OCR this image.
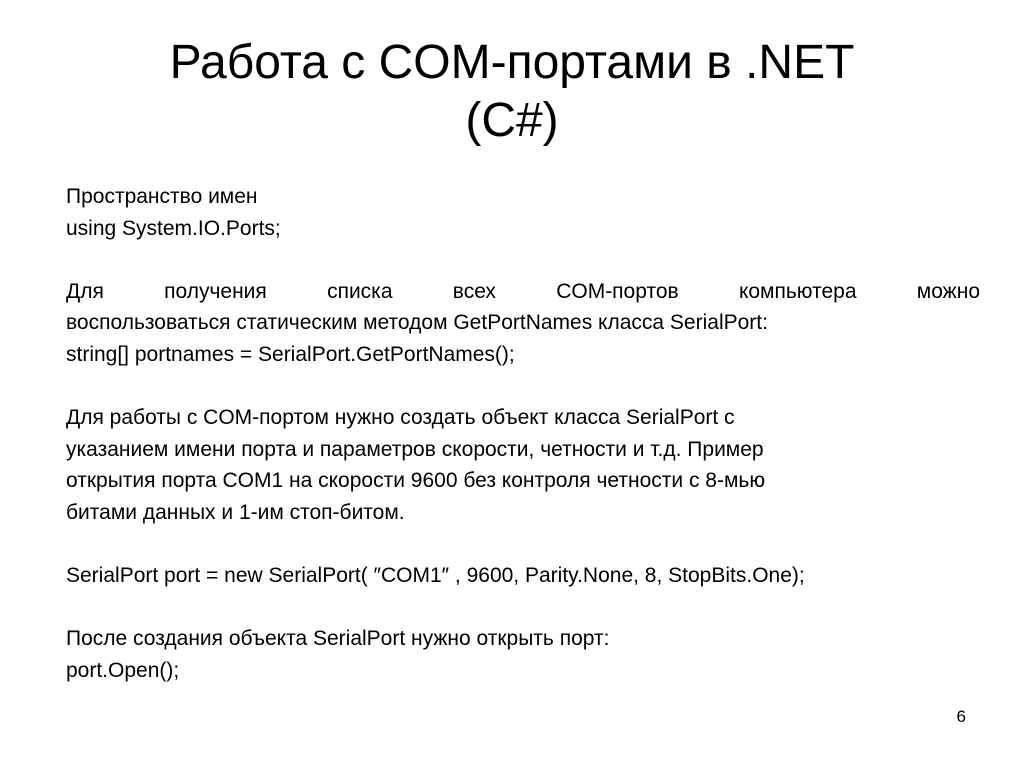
Работа с COM-портами в .NET
(C#)
Пространство имен
using System.IO.Ports;
Для получения списка всех COM-портов компьютера можно
воспользоваться статическим методом GetPortNames класса SerialPort:
string[] portnames = SerialPort.GetPortNames();
Для работы с COM-портом нужно создать объект класса SerialPort с
указанием имени порта и параметров скорости, четности и т.д. Пример
открытия порта COM1 на скорости 9600 без контроля четности с 8-мью
битами данных и 1-им стоп-битом.
SerialPort port = new SerialPort( ″COM1″ , 9600, Parity.None, 8, StopBits.One);
После создания объекта SerialPort нужно открыть порт:
port.Open();
6
